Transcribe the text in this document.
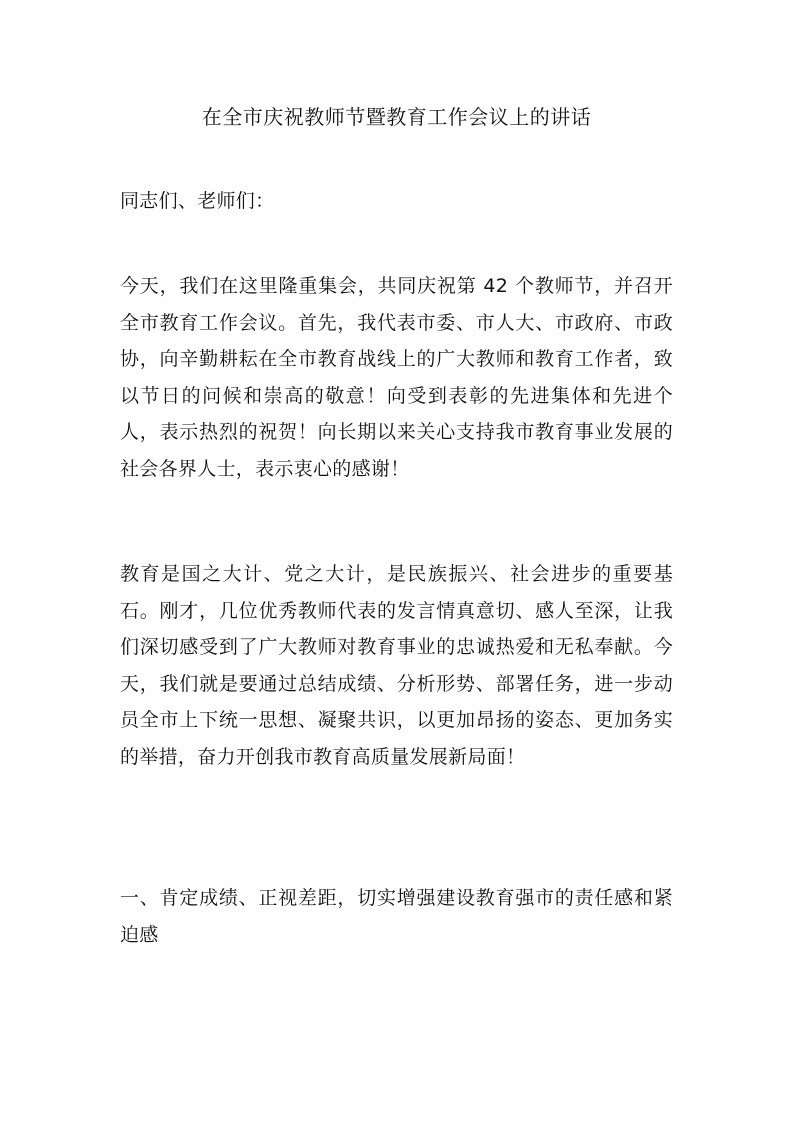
在全市庆祝教师节暨教育工作会议上的讲话

同志们、老师们：

今天，我们在这里隆重集会，共同庆祝第 42 个教师节，并召开全市教育工作会议。首先，我代表市委、市人大、市政府、市政协，向辛勤耕耘在全市教育战线上的广大教师和教育工作者，致以节日的问候和崇高的敬意！向受到表彰的先进集体和先进个人，表示热烈的祝贺！向长期以来关心支持我市教育事业发展的社会各界人士，表示衷心的感谢！

教育是国之大计、党之大计，是民族振兴、社会进步的重要基石。刚才，几位优秀教师代表的发言情真意切、感人至深，让我们深切感受到了广大教师对教育事业的忠诚热爱和无私奉献。今天，我们就是要通过总结成绩、分析形势、部署任务，进一步动员全市上下统一思想、凝聚共识，以更加昂扬的姿态、更加务实的举措，奋力开创我市教育高质量发展新局面！

一、肯定成绩、正视差距，切实增强建设教育强市的责任感和紧迫感
